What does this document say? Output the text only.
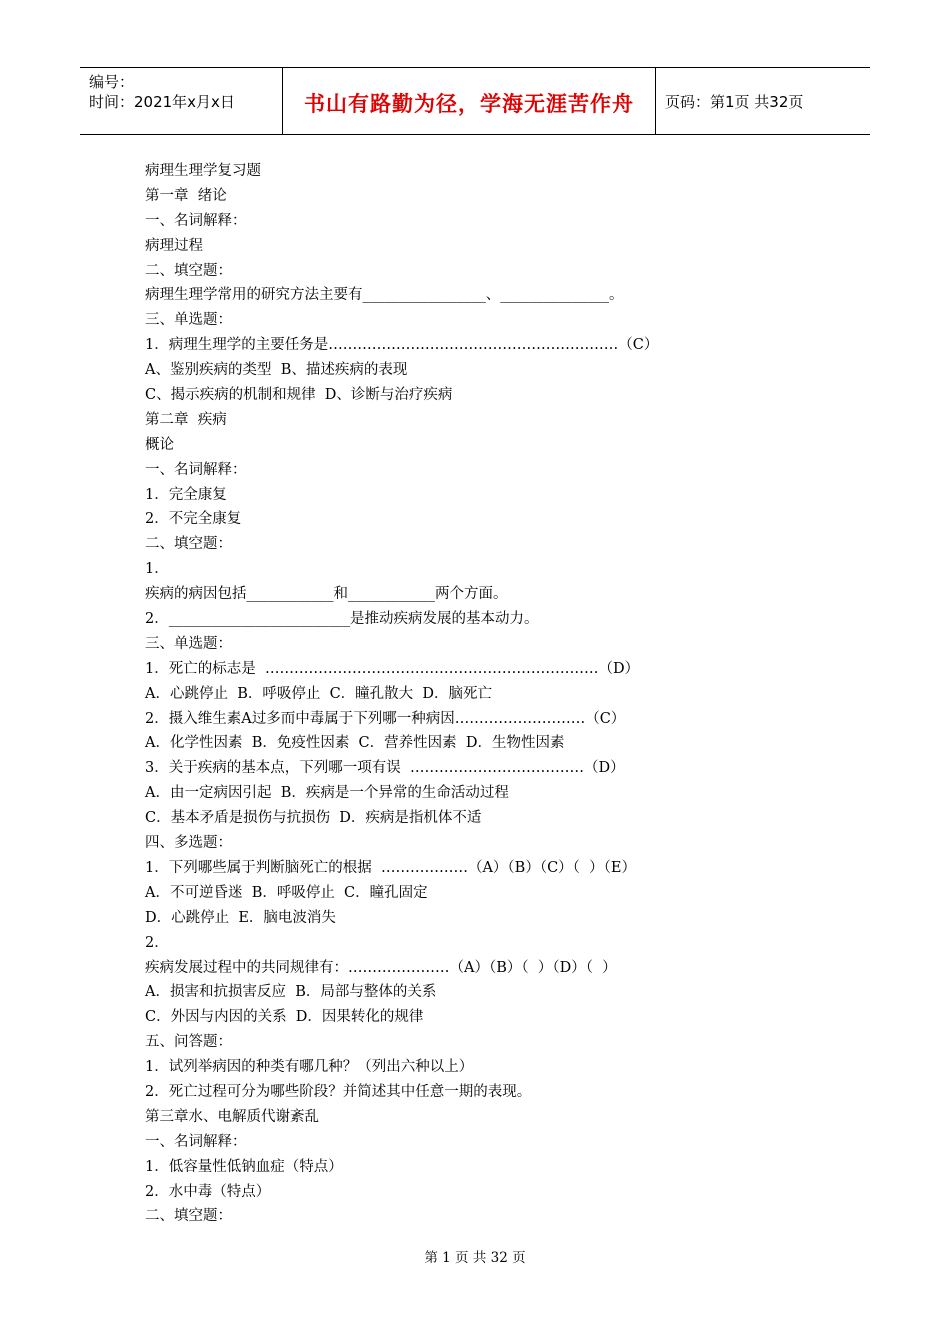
编号：
时间：2021年x月x日	书山有路勤为径，学海无涯苦作舟 页码：第1页 共32页
病理生理学复习题
第一章  绪论
一、名词解释：
病理过程
二、填空题：
病理生理学常用的研究方法主要有_________________、_______________。
三、单选题：
1．病理生理学的主要任务是……………………………………………………（C）
A、鉴别疾病的类型  B、描述疾病的表现
C、揭示疾病的机制和规律  D、诊断与治疗疾病
第二章  疾病
概论
一、名词解释：
1．完全康复
2．不完全康复
二、填空题：
1．
疾病的病因包括____________和____________两个方面。
2．_________________________是推动疾病发展的基本动力。
三、单选题：
1．死亡的标志是  ……………………………………………………………（D）
A．心跳停止  B．呼吸停止  C．瞳孔散大  D．脑死亡
2．摄入维生素A过多而中毒属于下列哪一种病因………………………（C）
A．化学性因素  B．免疫性因素  C．营养性因素  D．生物性因素
3．关于疾病的基本点，下列哪一项有误  ………………………………（D）
A．由一定病因引起  B．疾病是一个异常的生命活动过程
C．基本矛盾是损伤与抗损伤  D．疾病是指机体不适
四、多选题：
1．下列哪些属于判断脑死亡的根据  ………………（A）（B）（C）（  ）（E）
A．不可逆昏迷  B．呼吸停止  C．瞳孔固定
D．心跳停止  E．脑电波消失
2．
疾病发展过程中的共同规律有：…………………（A）（B）（  ）（D）（  ）
A．损害和抗损害反应  B．局部与整体的关系
C．外因与内因的关系  D．因果转化的规律
五、问答题：
1．试列举病因的种类有哪几种？（列出六种以上）
2．死亡过程可分为哪些阶段？并简述其中任意一期的表现。
第三章水、电解质代谢紊乱
一、名词解释：
1．低容量性低钠血症（特点）
2．水中毒（特点）
二、填空题：
第 1 页 共 32 页
